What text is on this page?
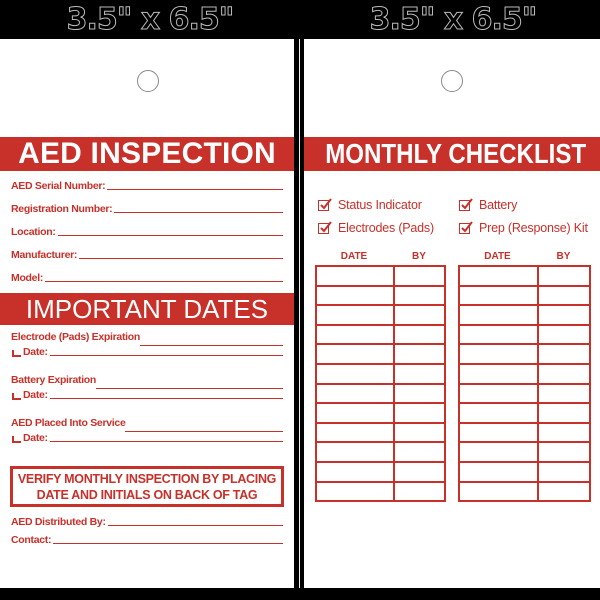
3.5" x 6.5"	3.5" x 6.5"
AED INSPECTION
AED Serial Number:
Registration Number:
Location:
Manufacturer:
Model:
IMPORTANT DATES
Electrode (Pads) Expiration
Date:
Battery Expiration
Date:
AED Placed Into Service
Date:
VERIFY MONTHLY INSPECTION BY PLACING
DATE AND INITIALS ON BACK OF TAG
AED Distributed By:
Contact:
MONTHLY CHECKLIST
Status Indicator	Battery
Electrodes (Pads)	Prep (Response) Kit
DATE	BY	DATE	BY
